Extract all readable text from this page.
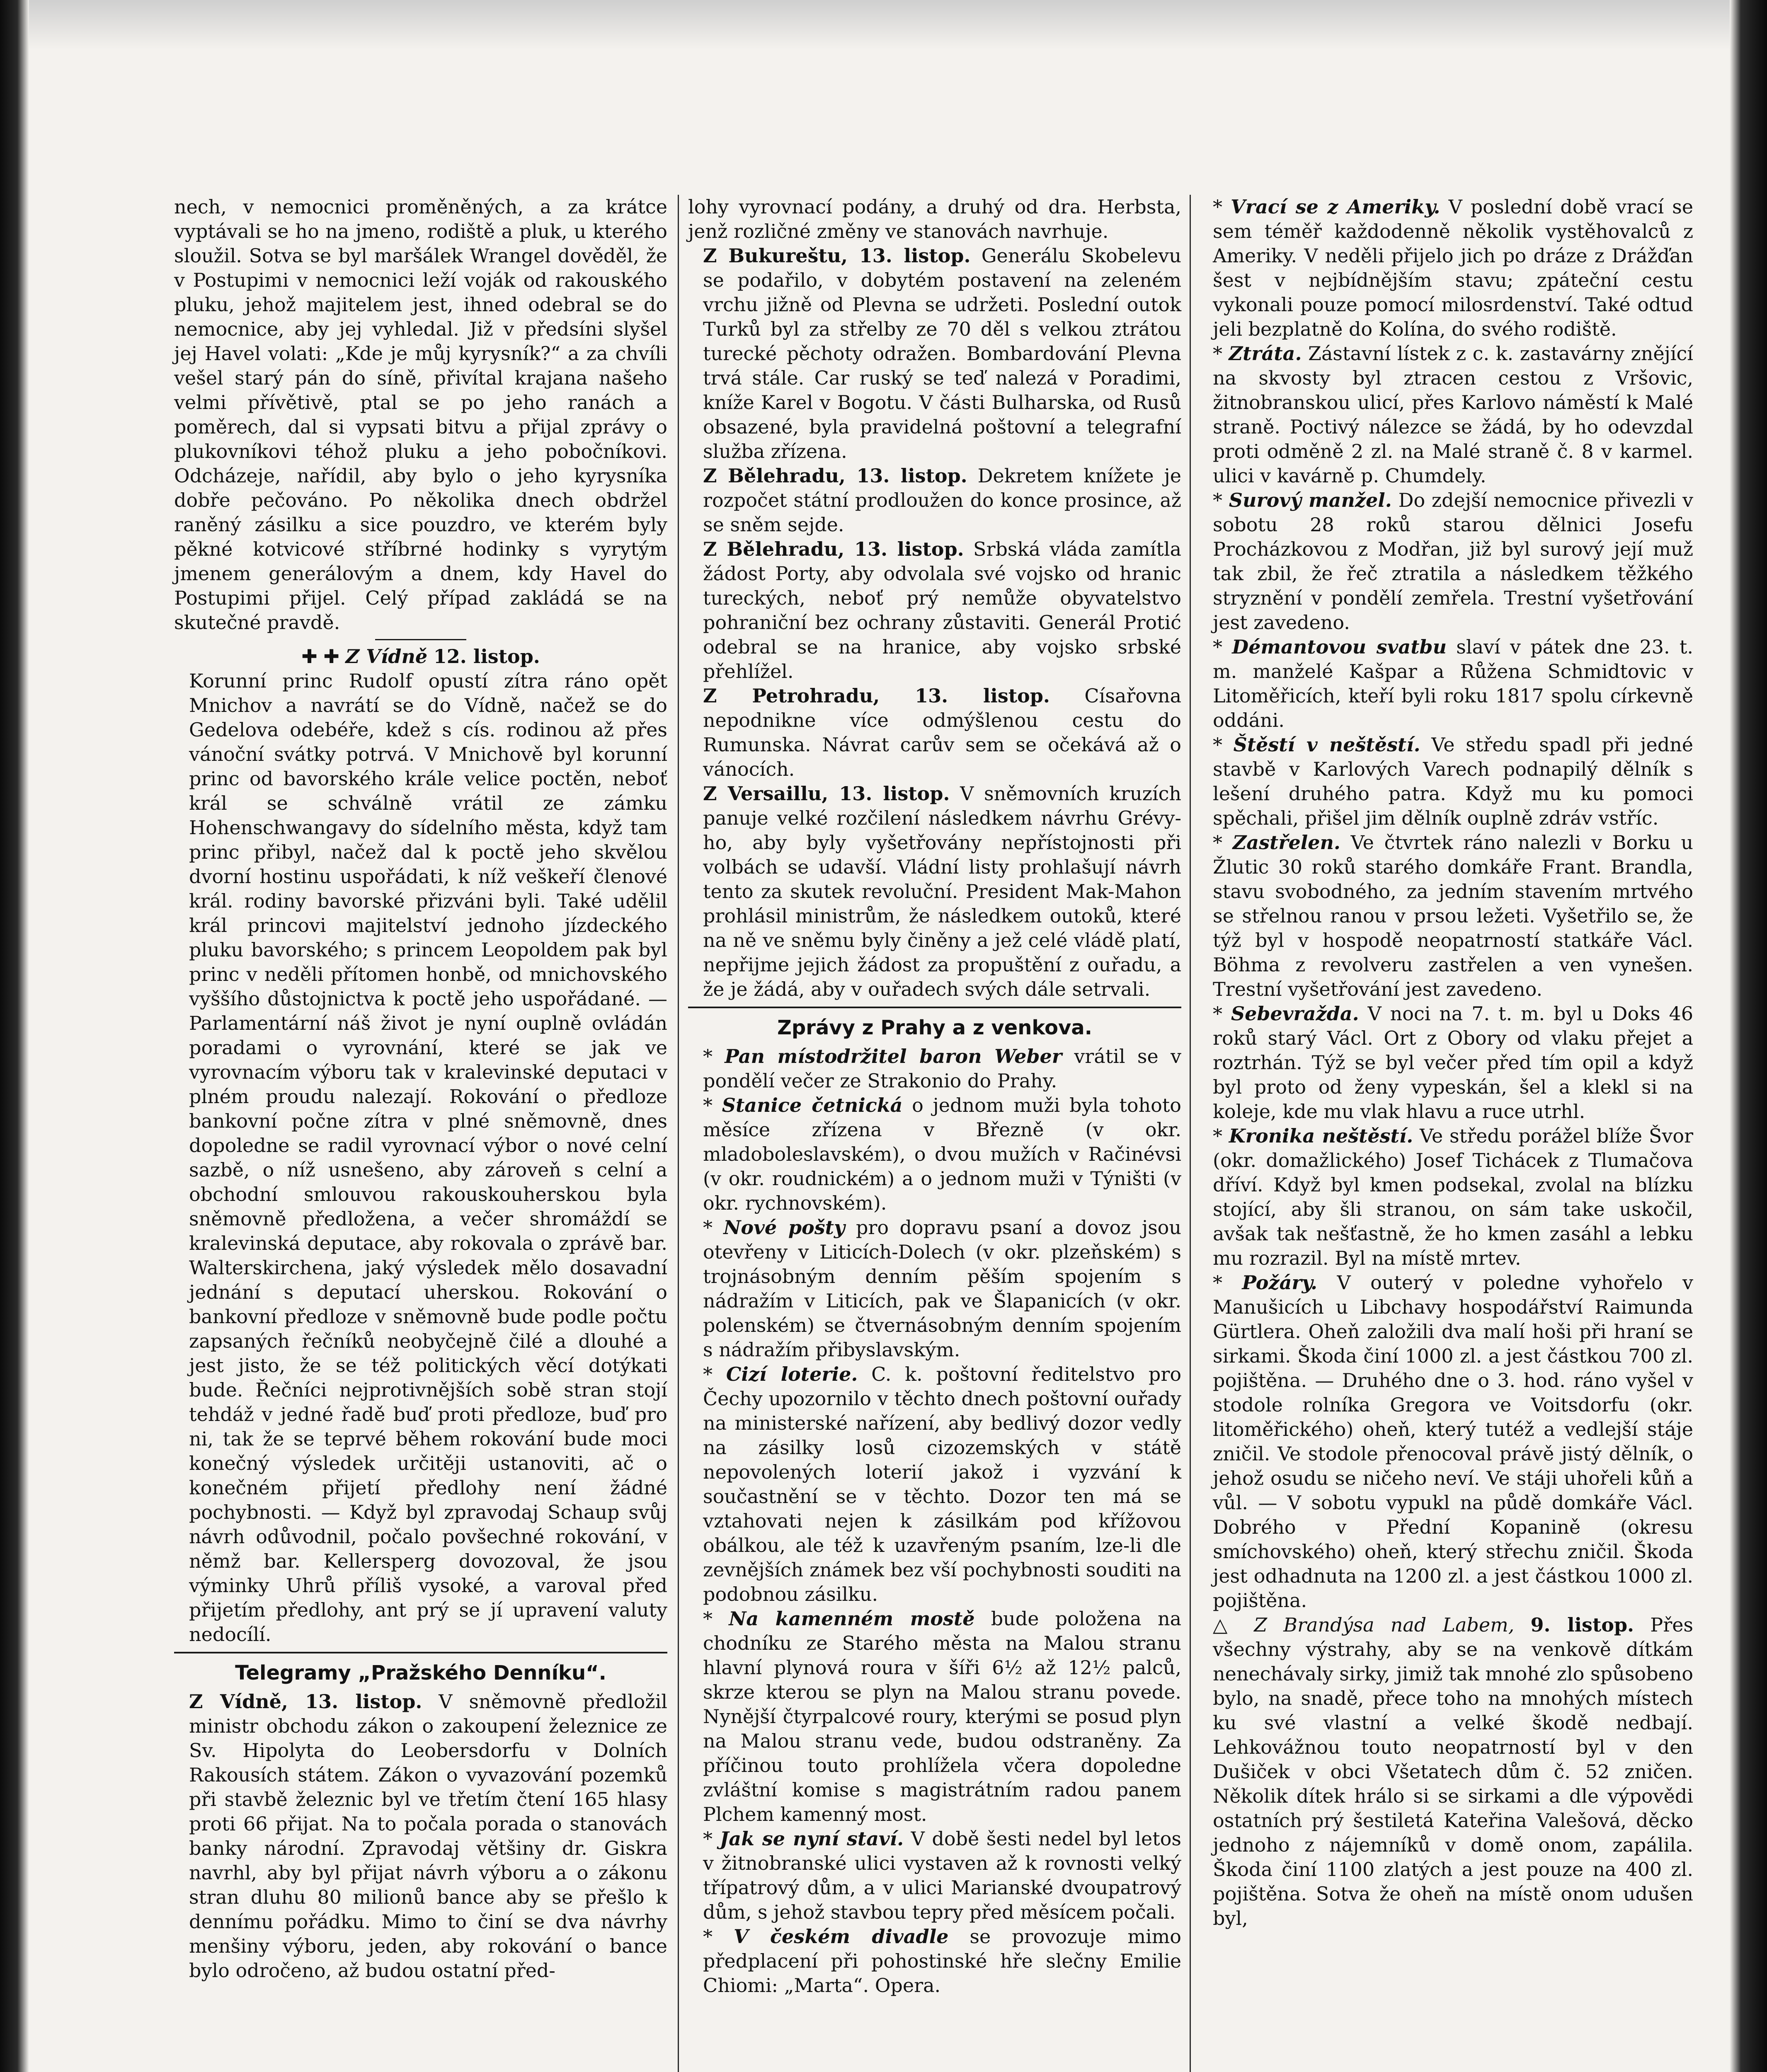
nech, v nemocnici proměněných, a za krátce vyptávali se ho na jmeno, rodiště a pluk, u kterého sloužil. Sotva se byl maršálek Wrangel dověděl, že v Postupimi v nemocnici leží voják od rakouského pluku, jehož majitelem jest, ihned odebral se do nemocnice, aby jej vyhledal. Již v předsíni slyšel jej Havel volati: „Kde je můj kyrysník?“ a za chvíli vešel starý pán do síně, přivítal krajana našeho velmi přívětivě, ptal se po jeho ranách a poměrech, dal si vypsati bitvu a přijal zprávy o plukovníkovi téhož pluku a jeho pobočníkovi. Odcházeje, nařídil, aby bylo o jeho kyrysníka dobře pečováno. Po několika dnech obdržel raněný zásilku a sice pouzdro, ve kterém byly pěkné kotvicové stříbrné hodinky s vyrytým jmenem generálovým a dnem, kdy Havel do Postupimi přijel. Celý případ zakládá se na skutečné pravdě.

✚ ✚ Z Vídně 12. listop.

Korunní princ Rudolf opustí zítra ráno opět Mnichov a navrátí se do Vídně, načež se do Gedelova odebéře, kdež s cís. rodinou až přes vánoční svátky potrvá. V Mnichově byl korunní princ od bavorského krále velice poctěn, neboť král se schválně vrátil ze zámku Hohenschwangavy do sídelního města, když tam princ přibyl, načež dal k poctě jeho skvělou dvorní hostinu uspořádati, k níž veškeří členové král. rodiny bavorské přizváni byli. Také udělil král princovi majitelství jednoho jízdeckého pluku bavorského; s princem Leopoldem pak byl princ v neděli přítomen honbě, od mnichovského vyššího důstojnictva k poctě jeho uspořádané. — Parlamentární náš život je nyní ouplně ovládán poradami o vyrovnání, které se jak ve vyrovnacím výboru tak v kralevinské deputaci v plném proudu nalezají. Rokování o předloze bankovní počne zítra v plné sněmovně, dnes dopoledne se radil vyrovnací výbor o nové celní sazbě, o níž usnešeno, aby zároveň s celní a obchodní smlouvou rakouskouherskou byla sněmovně předložena, a večer shromáždí se kralevinská deputace, aby rokovala o zprávě bar. Walterskirchena, jaký výsledek mělo dosavadní jednání s deputací uherskou. Rokování o bankovní předloze v sněmovně bude podle počtu zapsaných řečníků neobyčejně čilé a dlouhé a jest jisto, že se též politických věcí dotýkati bude. Řečníci nejprotivnějších sobě stran stojí tehdáž v jedné řadě buď proti předloze, buď pro ni, tak že se teprvé během rokování bude moci konečný výsledek určitěji ustanoviti, ač o konečném přijetí předlohy není žádné pochybnosti. — Když byl zpravodaj Schaup svůj návrh odůvodnil, počalo povšechné rokování, v němž bar. Kellersperg dovozoval, že jsou výminky Uhrů příliš vysoké, a varoval před přijetím předlohy, ant prý se jí upravení valuty nedocílí.

Telegramy „Pražského Denníku“.

Z Vídně, 13. listop. V sněmovně předložil ministr obchodu zákon o zakoupení železnice ze Sv. Hipolyta do Leobersdorfu v Dolních Rakousích státem. Zákon o vyvazování pozemků při stavbě železnic byl ve třetím čtení 165 hlasy proti 66 přijat. Na to počala porada o stanovách banky národní. Zpravodaj většiny dr. Giskra navrhl, aby byl přijat návrh výboru a o zákonu stran dluhu 80 milionů bance aby se přešlo k dennímu pořádku. Mimo to činí se dva návrhy menšiny výboru, jeden, aby rokování o bance bylo odročeno, až budou ostatní před-

lohy vyrovnací podány, a druhý od dra. Herbsta, jenž rozličné změny ve stanovách navrhuje.

Z Bukureštu, 13. listop. Generálu Skobelevu se podařilo, v dobytém postavení na zeleném vrchu jižně od Plevna se udržeti. Poslední outok Turků byl za střelby ze 70 děl s velkou ztrátou turecké pěchoty odražen. Bombardování Plevna trvá stále. Car ruský se teď nalezá v Poradimi, kníže Karel v Bogotu. V části Bulharska, od Rusů obsazené, byla pravidelná poštovní a telegrafní služba zřízena.

Z Bělehradu, 13. listop. Dekretem knížete je rozpočet státní prodloužen do konce prosince, až se sněm sejde.

Z Bělehradu, 13. listop. Srbská vláda zamítla žádost Porty, aby odvolala své vojsko od hranic tureckých, neboť prý nemůže obyvatelstvo pohraniční bez ochrany zůstaviti. Generál Protić odebral se na hranice, aby vojsko srbské přehlížel.

Z Petrohradu, 13. listop. Císařovna nepodnikne více odmýšlenou cestu do Rumunska. Návrat carův sem se očekává až o vánocích.

Z Versaillu, 13. listop. V sněmovních kruzích panuje velké rozčilení následkem návrhu Grévy-ho, aby byly vyšetřovány nepřístojnosti při volbách se udavší. Vládní listy prohlašují návrh tento za skutek revoluční. President Mak-Mahon prohlásil ministrům, že následkem outoků, které na ně ve sněmu byly činěny a jež celé vládě platí, nepřijme jejich žádost za propuštění z ouřadu, a že je žádá, aby v ouřadech svých dále setrvali.

Zprávy z Prahy a z venkova.

* Pan místodržitel baron Weber vrátil se v pondělí večer ze Strakonio do Prahy.

* Stanice četnická o jednom muži byla tohoto měsíce zřízena v Březně (v okr. mladoboleslavském), o dvou mužích v Račinévsi (v okr. roudnickém) a o jednom muži v Týništi (v okr. rychnovském).

* Nové pošty pro dopravu psaní a dovoz jsou otevřeny v Liticích-Dolech (v okr. plzeňském) s trojnásobným denním pěším spojením s nádražím v Liticích, pak ve Šlapanicích (v okr. polenském) se čtvernásobným denním spojením s nádražím přibyslavským.

* Cizí loterie. C. k. poštovní ředitelstvo pro Čechy upozornilo v těchto dnech poštovní ouřady na ministerské nařízení, aby bedlivý dozor vedly na zásilky losů cizozemských v státě nepovolených loterií jakož i vyzvání k součastnění se v těchto. Dozor ten má se vztahovati nejen k zásilkám pod křížovou obálkou, ale též k uzavřeným psaním, lze-li dle zevnějších známek bez vší pochybnosti souditi na podobnou zásilku.

* Na kamenném mostě bude položena na chodníku ze Starého města na Malou stranu hlavní plynová roura v šíři 6½ až 12½ palců, skrze kterou se plyn na Malou stranu povede. Nynější čtyrpalcové roury, kterými se posud plyn na Malou stranu vede, budou odstraněny. Za příčinou touto prohlížela včera dopoledne zvláštní komise s magistrátním radou panem Plchem kamenný most.

* Jak se nyní staví. V době šesti nedel byl letos v žitnobranské ulici vystaven až k rovnosti velký třípatrový dům, a v ulici Marianské dvoupatrový dům, s jehož stavbou tepry před měsícem počali.

* V českém divadle se provozuje mimo předplacení při pohostinské hře slečny Emilie Chiomi: „Marta“. Opera.

* Vrací se z Ameriky. V poslední době vrací se sem téměř každodenně několik vystěhovalců z Ameriky. V neděli přijelo jich po dráze z Drážďan šest v nejbídnějším stavu; zpáteční cestu vykonali pouze pomocí milosrdenství. Také odtud jeli bezplatně do Kolína, do svého rodiště.

* Ztráta. Zástavní lístek z c. k. zastavárny znějící na skvosty byl ztracen cestou z Vršovic, žitnobranskou ulicí, přes Karlovo náměstí k Malé straně. Poctivý nálezce se žádá, by ho odevzdal proti odměně 2 zl. na Malé straně č. 8 v karmel. ulici v kavárně p. Chumdely.

* Surový manžel. Do zdejší nemocnice přivezli v sobotu 28 roků starou dělnici Josefu Procházkovou z Modřan, již byl surový její muž tak zbil, že řeč ztratila a následkem těžkého stryznění v pondělí zemřela. Trestní vyšetřování jest zavedeno.

* Démantovou svatbu slaví v pátek dne 23. t. m. manželé Kašpar a Růžena Schmidtovic v Litoměřicích, kteří byli roku 1817 spolu církevně oddáni.

* Štěstí v neštěstí. Ve středu spadl při jedné stavbě v Karlových Varech podnapilý dělník s lešení druhého patra. Když mu ku pomoci spěchali, přišel jim dělník ouplně zdráv vstříc.

* Zastřelen. Ve čtvrtek ráno nalezli v Borku u Žlutic 30 roků starého domkáře Frant. Brandla, stavu svobodného, za jedním stavením mrtvého se střelnou ranou v prsou ležeti. Vyšetřilo se, že týž byl v hospodě neopatrností statkáře Václ. Böhma z revolveru zastřelen a ven vynešen. Trestní vyšetřování jest zavedeno.

* Sebevražda. V noci na 7. t. m. byl u Doks 46 roků starý Václ. Ort z Obory od vlaku přejet a roztrhán. Týž se byl večer před tím opil a když byl proto od ženy vypeskán, šel a klekl si na koleje, kde mu vlak hlavu a ruce utrhl.

* Kronika neštěstí. Ve středu porážel blíže Švor (okr. domažlického) Josef Tichácek z Tlumačova dříví. Když byl kmen podsekal, zvolal na blízku stojící, aby šli stranou, on sám take uskočil, avšak tak nešťastně, že ho kmen zasáhl a lebku mu rozrazil. Byl na místě mrtev.

* Požáry. V outerý v poledne vyhořelo v Manušicích u Libchavy hospodářství Raimunda Gürtlera. Oheň založili dva malí hoši při hraní se sirkami. Škoda činí 1000 zl. a jest částkou 700 zl. pojištěna. — Druhého dne o 3. hod. ráno vyšel v stodole rolníka Gregora ve Voitsdorfu (okr. litoměřického) oheň, který tutéž a vedlejší stáje zničil. Ve stodole přenocoval právě jistý dělník, o jehož osudu se ničeho neví. Ve stáji uhořeli kůň a vůl. — V sobotu vypukl na půdě domkáře Václ. Dobrého v Přední Kopanině (okresu smíchovského) oheň, který střechu zničil. Škoda jest odhadnuta na 1200 zl. a jest částkou 1000 zl. pojištěna.

△ Z Brandýsa nad Labem, 9. listop. Přes všechny výstrahy, aby se na venkově dítkám nenechávaly sirky, jimiž tak mnohé zlo spůsobeno bylo, na snadě, přece toho na mnohých místech ku své vlastní a velké škodě nedbají. Lehkovážnou touto neopatrností byl v den Dušiček v obci Všetatech dům č. 52 zničen. Několik dítek hrálo si se sirkami a dle výpovědi ostatních prý šestiletá Kateřina Valešová, děcko jednoho z nájemníků v domě onom, zapálila. Škoda činí 1100 zlatých a jest pouze na 400 zl. pojištěna. Sotva že oheň na místě onom udušen byl,
